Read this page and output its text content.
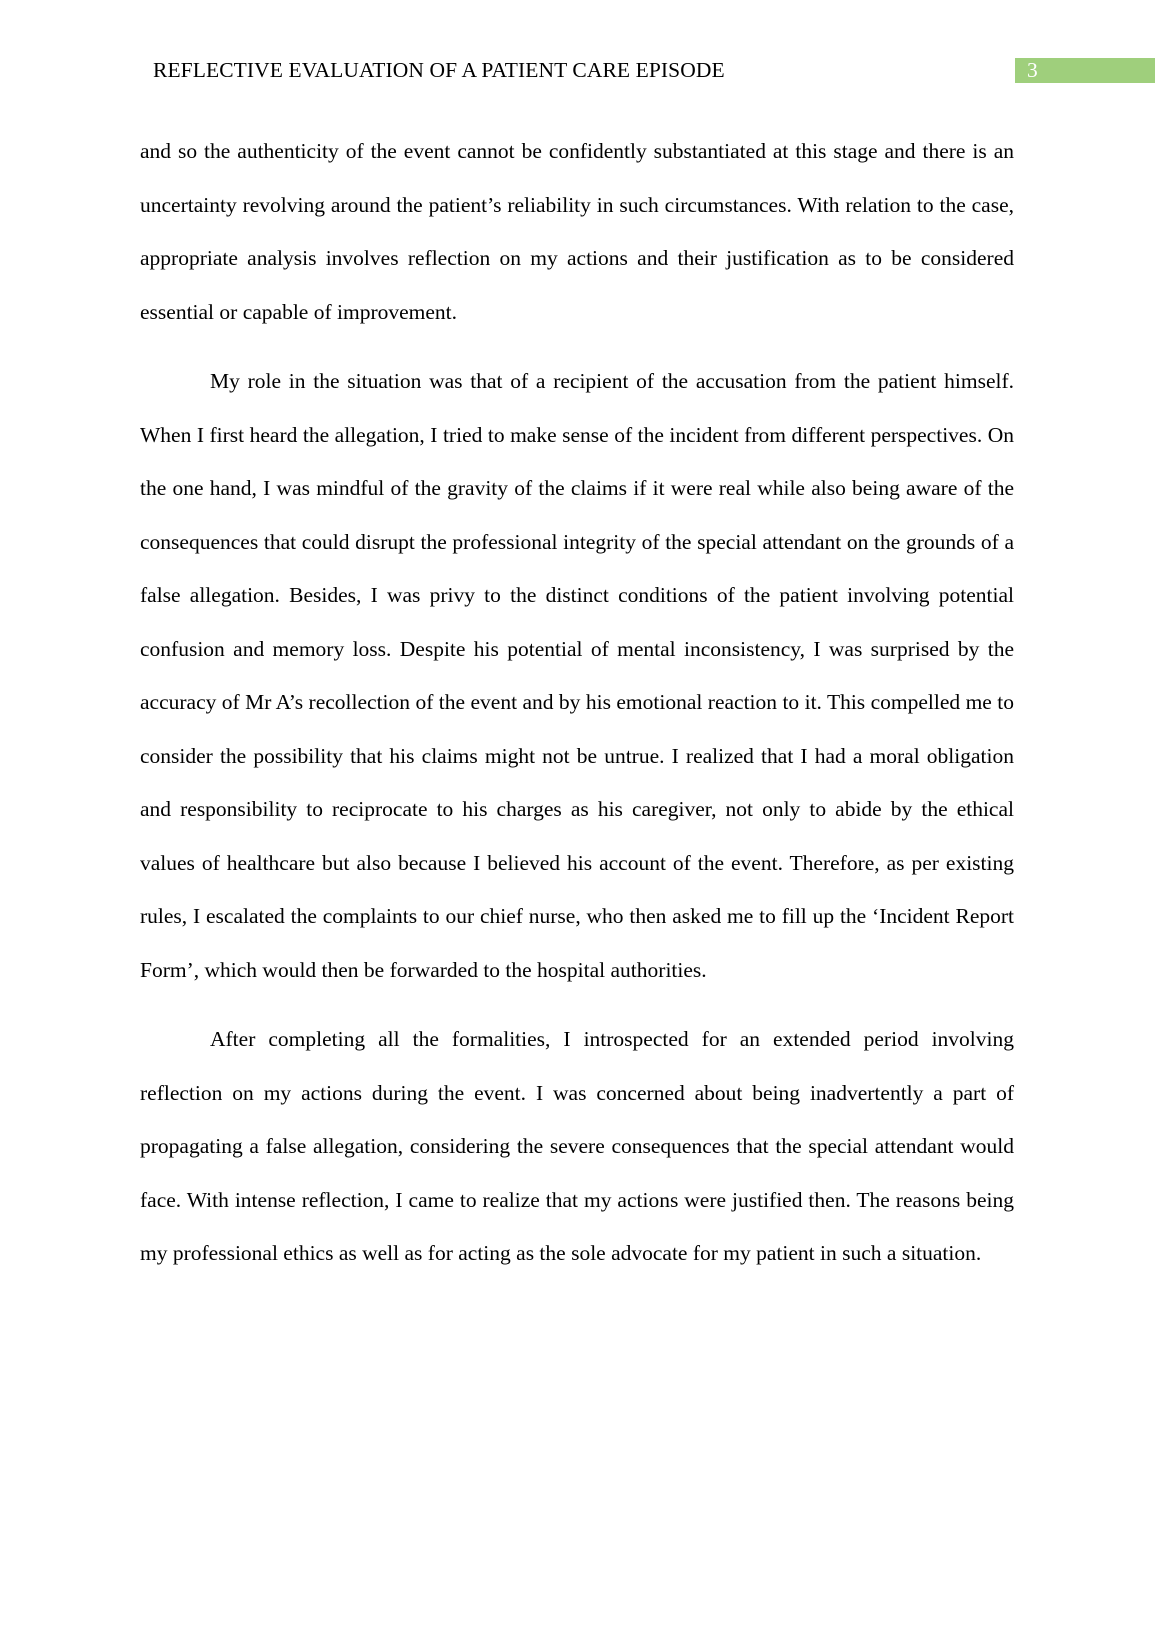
REFLECTIVE EVALUATION OF A PATIENT CARE EPISODE	3

and so the authenticity of the event cannot be confidently substantiated at this stage and there is an uncertainty revolving around the patient’s reliability in such circumstances. With relation to the case, appropriate analysis involves reflection on my actions and their justification as to be considered essential or capable of improvement.

My role in the situation was that of a recipient of the accusation from the patient himself. When I first heard the allegation, I tried to make sense of the incident from different perspectives. On the one hand, I was mindful of the gravity of the claims if it were real while also being aware of the consequences that could disrupt the professional integrity of the special attendant on the grounds of a false allegation. Besides, I was privy to the distinct conditions of the patient involving potential confusion and memory loss. Despite his potential of mental inconsistency, I was surprised by the accuracy of Mr A’s recollection of the event and by his emotional reaction to it. This compelled me to consider the possibility that his claims might not be untrue. I realized that I had a moral obligation and responsibility to reciprocate to his charges as his caregiver, not only to abide by the ethical values of healthcare but also because I believed his account of the event. Therefore, as per existing rules, I escalated the complaints to our chief nurse, who then asked me to fill up the ‘Incident Report Form’, which would then be forwarded to the hospital authorities.

After completing all the formalities, I introspected for an extended period involving reflection on my actions during the event. I was concerned about being inadvertently a part of propagating a false allegation, considering the severe consequences that the special attendant would face. With intense reflection, I came to realize that my actions were justified then. The reasons being my professional ethics as well as for acting as the sole advocate for my patient in such a situation.
